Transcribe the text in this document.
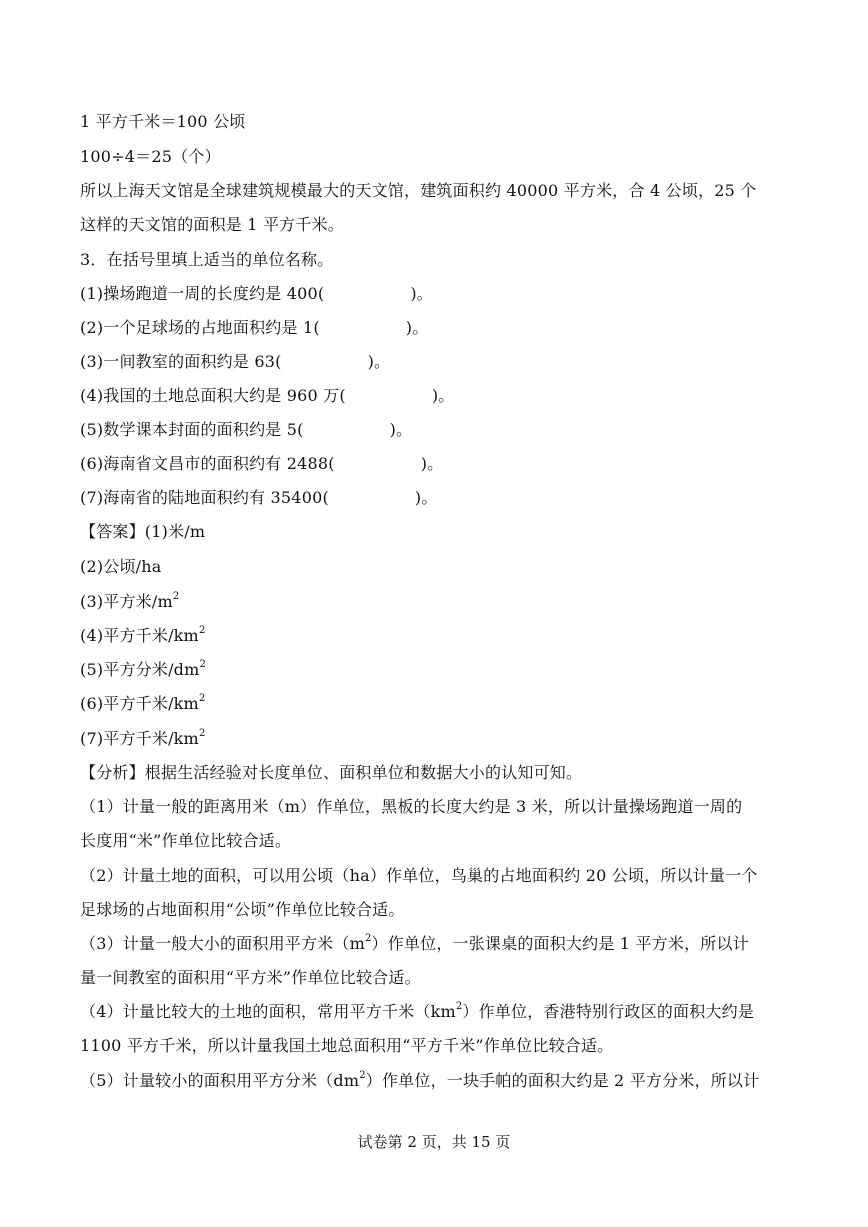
1 平方千米＝100 公顷
100÷4＝25（个）
所以上海天文馆是全球建筑规模最大的天文馆，建筑面积约 40000 平方米，合 4 公顷，25 个
这样的天文馆的面积是 1 平方千米。
3．在括号里填上适当的单位名称。
(1)操场跑道一周的长度约是 400(	)。
(2)一个足球场的占地面积约是 1(	)。
(3)一间教室的面积约是 63(	)。
(4)我国的土地总面积大约是 960 万(	)。
(5)数学课本封面的面积约是 5(	)。
(6)海南省文昌市的面积约有 2488(	)。
(7)海南省的陆地面积约有 35400(	)。
【答案】(1)米/m
(2)公顷/ha
(3)平方米$/m^2$
(4)平方千米$/km^2$
(5)平方分米$/dm^2$
(6)平方千米$/km^2$
(7)平方千米$/km^2$
【分析】根据生活经验对长度单位、面积单位和数据大小的认知可知。
（1）计量一般的距离用米（m）作单位，黑板的长度大约是 3 米，所以计量操场跑道一周的
长度用“米”作单位比较合适。
（2）计量土地的面积，可以用公顷（ha）作单位，鸟巢的占地面积约 20 公顷，所以计量一个
足球场的占地面积用“公顷”作单位比较合适。
（3）计量一般大小的面积用平方米$(m^2)$作单位，一张课桌的面积大约是 1 平方米，所以计
量一间教室的面积用“平方米”作单位比较合适。
（4）计量比较大的土地的面积，常用平方千米$(km^2)$作单位，香港特别行政区的面积大约是
1100 平方千米，所以计量我国土地总面积用“平方千米”作单位比较合适。
（5）计量较小的面积用平方分米$(dm^2)$作单位，一块手帕的面积大约是 2 平方分米，所以计
试卷第 2 页，共 15 页
